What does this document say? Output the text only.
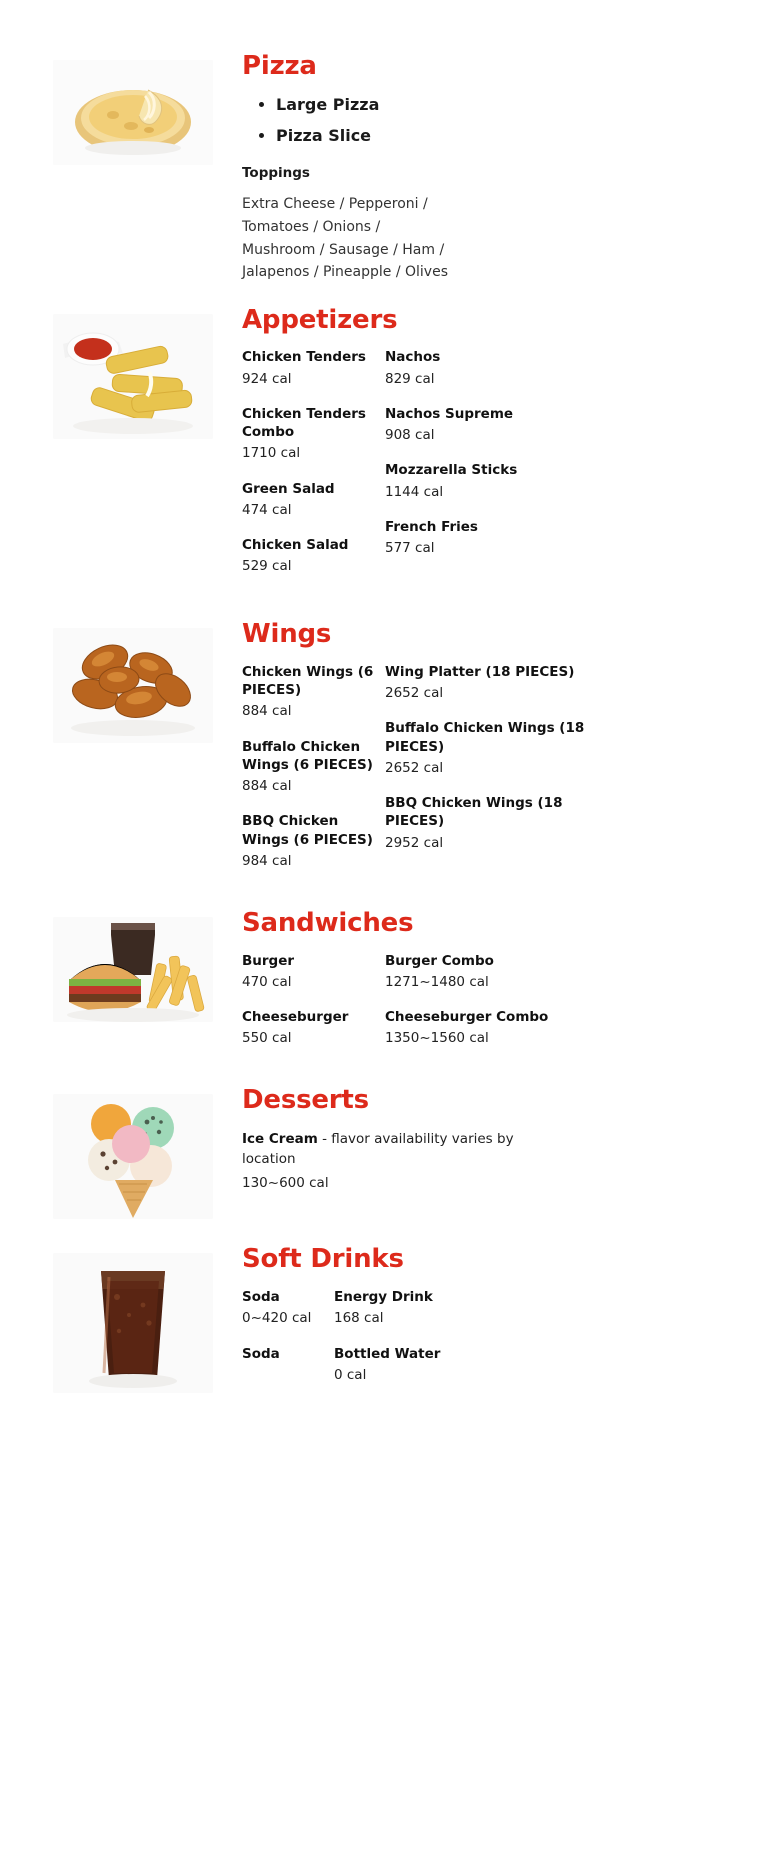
Pizza
• Large Pizza
• Pizza Slice
Toppings

Extra Cheese / Pepperoni / Tomatoes / Onions / Mushroom / Sausage / Ham / Jalapenos / Pineapple / Olives

Appetizers

Chicken Tenders

924 cal

Chicken Tenders Combo

1710 cal

Green Salad

474 cal

Chicken Salad

529 cal

Nachos

829 cal

Nachos Supreme

908 cal

Mozzarella Sticks

1144 cal

French Fries

577 cal

Wings

Chicken Wings (6 PIECES)

884 cal

Buffalo Chicken Wings (6 PIECES)

884 cal

BBQ Chicken Wings (6 PIECES)

984 cal

Wing Platter (18 PIECES)

2652 cal

Buffalo Chicken Wings (18 PIECES)

2652 cal

BBQ Chicken Wings (18 PIECES)

2952 cal

Sandwiches

Burger

470 cal

Cheeseburger

550 cal

Burger Combo

1271~1480 cal

Cheeseburger Combo

1350~1560 cal

Desserts

Ice Cream - flavor availability varies by location

130~600 cal

Soft Drinks

Soda

0~420 cal

Soda

Energy Drink

168 cal

Bottled Water

0 cal
